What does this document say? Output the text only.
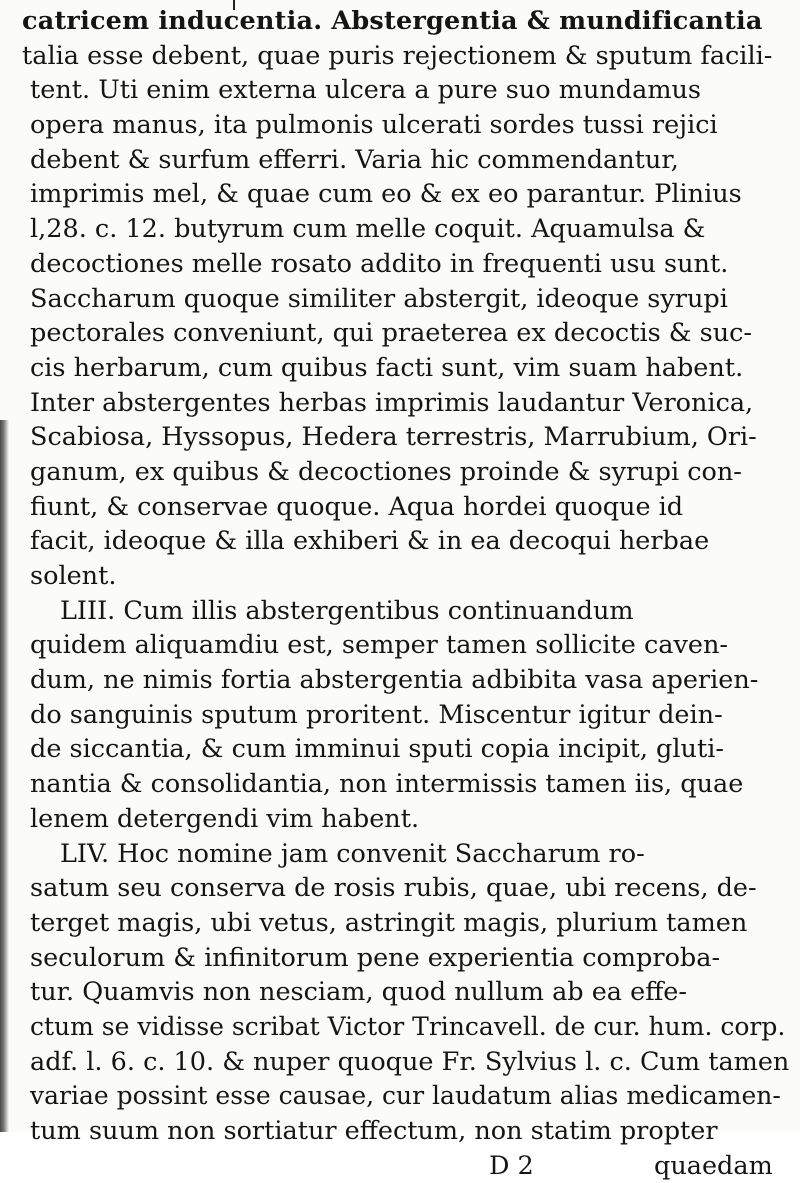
catricem inducentia. Abstergentia & mundificantia
talia esse debent, quae puris rejectionem & sputum facili-
tent. Uti enim externa ulcera a pure suo mundamus
opera manus, ita pulmonis ulcerati sordes tussi rejici
debent & surfum efferri. Varia hic commendantur,
imprimis mel, & quae cum eo & ex eo parantur. Plinius
l,28. c. 12. butyrum cum melle coquit. Aquamulsa &
decoctiones melle rosato addito in frequenti usu sunt.
Saccharum quoque similiter abstergit, ideoque syrupi
pectorales conveniunt, qui praeterea ex decoctis & suc-
cis herbarum, cum quibus facti sunt, vim suam habent.
Inter abstergentes herbas imprimis laudantur Veronica,
Scabiosa, Hyssopus, Hedera terrestris, Marrubium, Ori-
ganum, ex quibus & decoctiones proinde & syrupi con-
fiunt, & conservae quoque. Aqua hordei quoque id
facit, ideoque & illa exhiberi & in ea decoqui herbae
solent.
LIII. Cum illis abstergentibus continuandum
quidem aliquamdiu est, semper tamen sollicite caven-
dum, ne nimis fortia abstergentia adbibita vasa aperien-
do sanguinis sputum proritent. Miscentur igitur dein-
de siccantia, & cum imminui sputi copia incipit, gluti-
nantia & consolidantia, non intermissis tamen iis, quae
lenem detergendi vim habent.
LIV. Hoc nomine jam convenit Saccharum ro-
satum seu conserva de rosis rubis, quae, ubi recens, de-
terget magis, ubi vetus, astringit magis, plurium tamen
seculorum & infinitorum pene experientia comproba-
tur. Quamvis non nesciam, quod nullum ab ea effe-
ctum se vidisse scribat Victor Trincavell. de cur. hum. corp.
adf. l. 6. c. 10. & nuper quoque Fr. Sylvius l. c. Cum tamen
variae possint esse causae, cur laudatum alias medicamen-
tum suum non sortiatur effectum, non statim propter
D 2	quaedam
